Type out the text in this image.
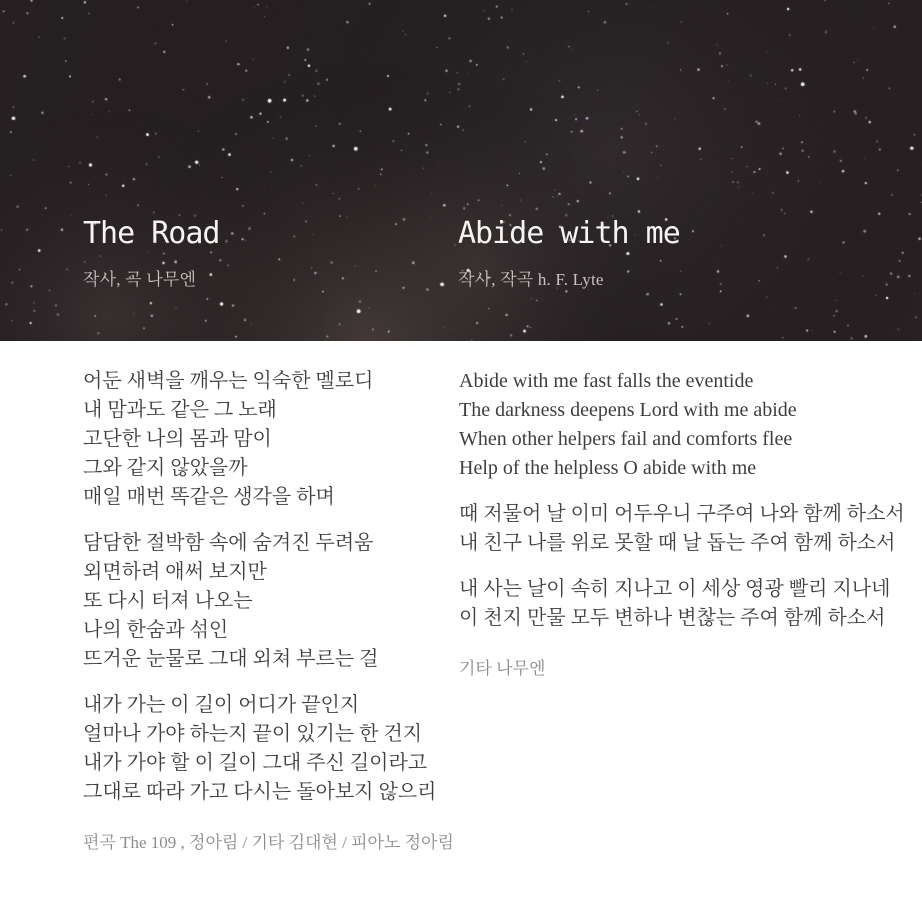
The Road
작사, 곡 나무엔
Abide with me
작사, 작곡 h. F. Lyte
어둔 새벽을 깨우는 익숙한 멜로디
내 맘과도 같은 그 노래
고단한 나의 몸과 맘이
그와 같지 않았을까
매일 매번 똑같은 생각을 하며
담담한 절박함 속에 숨겨진 두려움
외면하려 애써 보지만
또 다시 터져 나오는
나의 한숨과 섞인
뜨거운 눈물로 그대 외쳐 부르는 걸
내가 가는 이 길이 어디가 끝인지
얼마나 가야 하는지 끝이 있기는 한 건지
내가 가야 할 이 길이 그대 주신 길이라고
그대로 따라 가고 다시는 돌아보지 않으리
편곡 The 109 , 정아림 / 기타 김대현 / 피아노 정아림
Abide with me fast falls the eventide
The darkness deepens Lord with me abide
When other helpers fail and comforts flee
Help of the helpless O abide with me
때 저물어 날 이미 어두우니 구주여 나와 함께 하소서
내 친구 나를 위로 못할 때 날 돕는 주여 함께 하소서
내 사는 날이 속히 지나고 이 세상 영광 빨리 지나네
이 천지 만물 모두 변하나 변찮는 주여 함께 하소서
기타 나무엔
